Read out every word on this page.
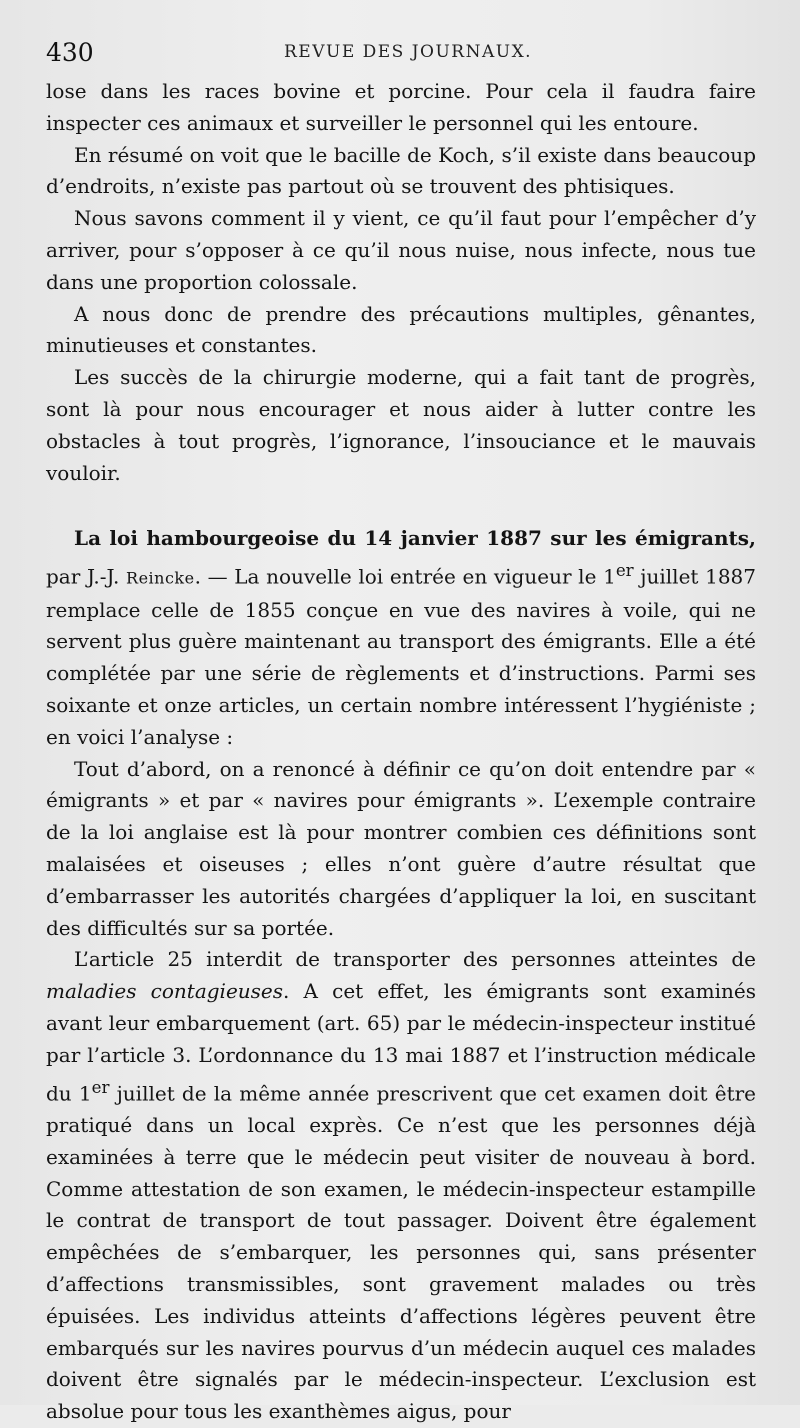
430	REVUE DES JOURNAUX.

lose dans les races bovine et porcine. Pour cela il faudra faire inspecter ces animaux et surveiller le personnel qui les entoure.

En résumé on voit que le bacille de Koch, s’il existe dans beaucoup d’endroits, n’existe pas partout où se trouvent des phtisiques.

Nous savons comment il y vient, ce qu’il faut pour l’empêcher d’y arriver, pour s’opposer à ce qu’il nous nuise, nous infecte, nous tue dans une proportion colossale.

A nous donc de prendre des précautions multiples, gênantes, minutieuses et constantes.

Les succès de la chirurgie moderne, qui a fait tant de progrès, sont là pour nous encourager et nous aider à lutter contre les obstacles à tout progrès, l’ignorance, l’insouciance et le mauvais vouloir.

La loi hambourgeoise du 14 janvier 1887 sur les émigrants, par J.-J. Reincke. — La nouvelle loi entrée en vigueur le 1er juillet 1887 remplace celle de 1855 conçue en vue des navires à voile, qui ne servent plus guère maintenant au transport des émigrants. Elle a été complétée par une série de règlements et d’instructions. Parmi ses soixante et onze articles, un certain nombre intéressent l’hygiéniste ; en voici l’analyse :

Tout d’abord, on a renoncé à définir ce qu’on doit entendre par « émigrants » et par « navires pour émigrants ». L’exemple contraire de la loi anglaise est là pour montrer combien ces définitions sont malaisées et oiseuses ; elles n’ont guère d’autre résultat que d’embarrasser les autorités chargées d’appliquer la loi, en suscitant des difficultés sur sa portée.

L’article 25 interdit de transporter des personnes atteintes de maladies contagieuses. A cet effet, les émigrants sont examinés avant leur embarquement (art. 65) par le médecin-inspecteur institué par l’article 3. L’ordonnance du 13 mai 1887 et l’instruction médicale du 1er juillet de la même année prescrivent que cet examen doit être pratiqué dans un local exprès. Ce n’est que les personnes déjà examinées à terre que le médecin peut visiter de nouveau à bord. Comme attestation de son examen, le médecin-inspecteur estampille le contrat de transport de tout passager. Doivent être également empêchées de s’embarquer, les personnes qui, sans présenter d’affections transmissibles, sont gravement malades ou très épuisées. Les individus atteints d’affections légères peuvent être embarqués sur les navires pourvus d’un médecin auquel ces malades doivent être signalés par le médecin-inspecteur. L’exclusion est absolue pour tous les exanthèmes aigus, pour
